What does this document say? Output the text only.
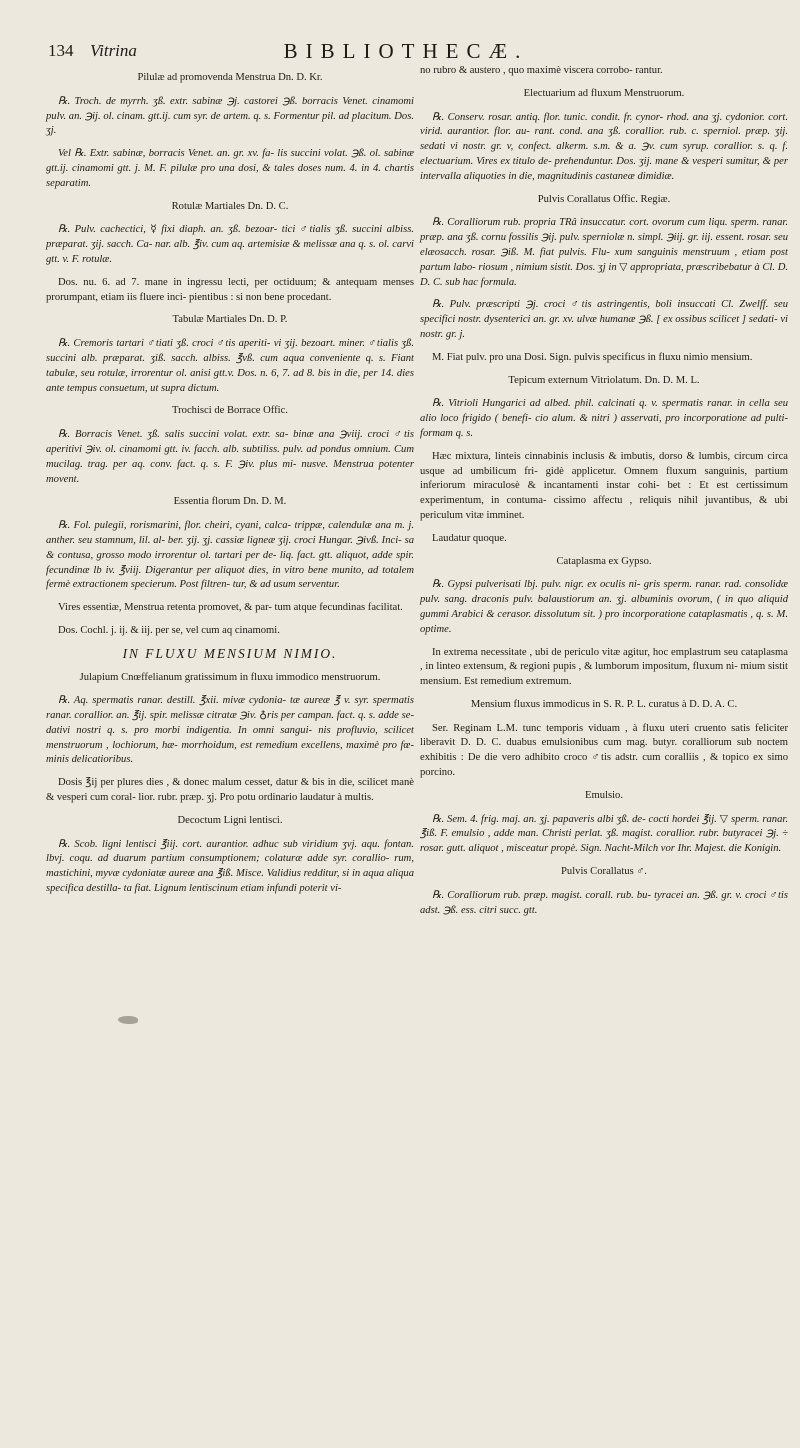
134 Vitrina	BIBLIOTHECÆ.
Pilulæ ad promovenda Menstrua Dn. D. Kr.
℞. Troch. de myrrh. ʒß. extr. sabinæ ℈j. castorei ℈ß. borracis Venet. cinamomi pulv. an. ℈ij. ol. cinam. gtt.ij. cum syr. de artem. q. s. Formentur pil. ad placitum. Dos. ʒj.
Vel ℞. Extr. sabinæ, borracis Venet. an. gr. xv. fa- lis succini volat. ℈ß. ol. sabinæ gtt.ij. cinamomi gtt. j. M. F. pilulæ pro una dosi, & tales doses num. 4. in 4. chartis separatim.
Rotulæ Martiales Dn. D. C.
℞. Pulv. cachectici, ☿ fixi diaph. an. ʒß. bezoar- tici ♂tialis ʒß. succini albiss. præparat. ʒij. sacch. Ca- nar. alb. ℥iv. cum aq. artemisiæ & melissæ ana q. s. ol. carvi gtt. v. F. rotulæ.
Dos. nu. 6. ad 7. mane in ingressu lecti, per octiduum; & antequam menses prorumpant, etiam iis fluere inci- pientibus : si non bene procedant.
Tabulæ Martiales Dn. D. P.
℞. Cremoris tartari ♂tiati ʒß. croci ♂tis aperiti- vi ʒij. bezoart. miner. ♂tialis ʒß. succini alb. præparat. ʒiß. sacch. albiss. ℥vß. cum aqua conveniente q. s. Fiant tabulæ, seu rotulæ, irrorentur ol. anisi gtt.v. Dos. n. 6, 7. ad 8. bis in die, per 14. dies ante tempus consuetum, ut supra dictum.
Trochisci de Borrace Offic.
℞. Borracis Venet. ʒß. salis succini volat. extr. sa- binæ ana ℈viij. croci ♂tis aperitivi ℈iv. ol. cinamomi gtt. iv. facch. alb. subtiliss. pulv. ad pondus omnium. Cum mucilag. trag. per aq. conv. fact. q. s. F. ℈iv. plus mi- nusve. Menstrua potenter movent.
Essentia florum Dn. D. M.
℞. Fol. pulegii, rorismarini, flor. cheiri, cyani, calca- trippæ, calendulæ ana m. j. anther. seu stamnum, lil. al- ber. ʒij. ʒj. cassiæ ligneæ ʒij. croci Hungar. ℈ivß. Inci- sa & contusa, grosso modo irrorentur ol. tartari per de- liq. fact. gtt. aliquot, adde spir. fecundinæ lb iv. ℥viij. Digerantur per aliquot dies, in vitro bene munito, ad totalem fermè extractionem specierum. Post filtren- tur, & ad usum serventur.
Vires essentiæ, Menstrua retenta promovet, & par- tum atque fecundinas facilitat.
Dos. Cochl. j. ij. & iij. per se, vel cum aq cinamomi.
IN FLUXU MENSIUM NIMIO.
Julapium Cnœffelianum gratissimum in fluxu immodico menstruorum.
℞. Aq. spermatis ranar. destill. ℥xii. mivæ cydonia- tæ aureæ ℥ v. syr. spermatis ranar. corallior. an. ℥ij. spir. melissæ citratæ ℈iv. ♁ris per campan. fact. q. s. adde se- dativi nostri q. s. pro morbi indigentia. In omni sangui- nis profluvio, scilicet menstruorum , lochiorum, hæ- morrhoidum, est remedium excellens, maximè pro fœ- minis delicatioribus.
Dosis ℥ij per plures dies , & donec malum cesset, datur & bis in die, scilicet manè & vesperi cum coral- lior. rubr. præp. ʒj. Pro potu ordinario laudatur à multis.
Decoctum Ligni lentisci.
℞. Scob. ligni lentisci ℥iij. cort. aurantior. adhuc sub viridium ʒvj. aqu. fontan. lbvj. coqu. ad duarum partium consumptionem; colaturæ adde syr. corallio- rum, mastichini, myvæ cydoniatæ aureæ ana ℥iß. Misce. Validius redditur, si in aqua aliqua specifica destilla- ta fiat. Lignum lentiscinum etiam infundi poterit vi-
no rubro & austero , quo maximè viscera corrobo- rantur.
Electuarium ad fluxum Menstruorum.
℞. Conserv. rosar. antiq. flor. tunic. condit. fr. cynor- rhod. ana ʒj. cydonior. cort. virid. aurantior. flor. au- rant. cond. ana ʒß. corallior. rub. c. sperniol. præp. ʒij. sedati vi nostr. gr. v, confect. alkerm. s.m. & a. ℈v. cum syrup. corallior. s. q. f. electuarium. Vires ex titulo de- prehenduntur. Dos. ʒij. mane & vesperi sumitur, & per intervalla aliquoties in die, magnitudinis castaneæ dimidiæ.
Pulvis Corallatus Offic. Regiæ.
℞. Coralliorum rub. propria TRâ insuccatur. cort. ovorum cum liqu. sperm. ranar. præp. ana ʒß. cornu fossilis ℈ij. pulv. sperniolæ n. simpl. ℈iij. gr. iij. essent. rosar. seu elæosacch. rosar. ℈iß. M. fiat pulvis. Flu- xum sanguinis menstruum , etiam post partum labo- riosum , nimium sistit. Dos. ʒj in ▽ appropriata, præscribebatur à Cl. D. D. C. sub hac formula.
℞. Pulv. præscripti ℈j. croci ♂tis astringentis, boli insuccati Cl. Zwelff. seu specifici nostr. dysenterici an. gr. xv. ulvæ humanæ ℈ß. [ ex ossibus scilicet ] sedati- vi nostr. gr. j.
M. Fiat pulv. pro una Dosi. Sign. pulvis specificus in fluxu nimio mensium.
Tepicum externum Vitriolatum. Dn. D. M. L.
℞. Vitrioli Hungarici ad albed. phil. calcinati q. v. spermatis ranar. in cella seu alio loco frigido ( benefi- cio alum. & nitri ) asservati, pro incorporatione ad pulti- formam q. s.
Hæc mixtura, linteis cinnabinis inclusis & imbutis, dorso & lumbis, circum circa usque ad umbilicum fri- gidè applicetur. Omnem fluxum sanguinis, partium inferiorum miraculosè & incantamenti instar cohi- bet : Et est certissimum experimentum, in contuma- cissimo affectu , reliquis nihil juvantibus, & ubi periculum vitæ imminet.
Laudatur quoque.
Cataplasma ex Gypso.
℞. Gypsi pulverisati lbj. pulv. nigr. ex oculis ni- gris sperm. ranar. rad. consolidæ pulv. sang. draconis pulv. balaustiorum an. ʒj. albuminis ovorum, ( in quo aliquid gummi Arabici & cerasor. dissolutum sit. ) pro incorporatione cataplasmatis , q. s. M. optime.
In extrema necessitate , ubi de periculo vitæ agitur, hoc emplastrum seu cataplasma , in linteo extensum, & regioni pupis , & lumborum impositum, fluxum ni- mium sistit mensium. Est remedium extremum.
Mensium fluxus immodicus in S. R. P. L. curatus à D. D. A. C.
Ser. Reginam L.M. tunc temporis viduam , à fluxu uteri cruento satis feliciter liberavit D. D. C. duabus emulsionibus cum mag. butyr. coralliorum sub noctem exhibitis : De die vero adhibito croco ♂tis adstr. cum coralliis , & topico ex simo porcino.
Emulsio.
℞. Sem. 4. frig. maj. an. ʒj. papaveris albi ʒß. de- cocti hordei ℥ij. ▽ sperm. ranar. ℥iß. F. emulsio , adde man. Christi perlat. ʒß. magist. corallior. rubr. butyracei ℈j. ÷ rosar. gutt. aliquot , misceatur propè. Sign. Nacht-Milch vor Ihr. Majest. die Konigin.
Pulvis Corallatus ♂.
℞. Coralliorum rub. præp. magist. corall. rub. bu- tyracei an. ℈ß. gr. v. croci ♂tis adst. ℈ß. ess. citri succ. gtt.
